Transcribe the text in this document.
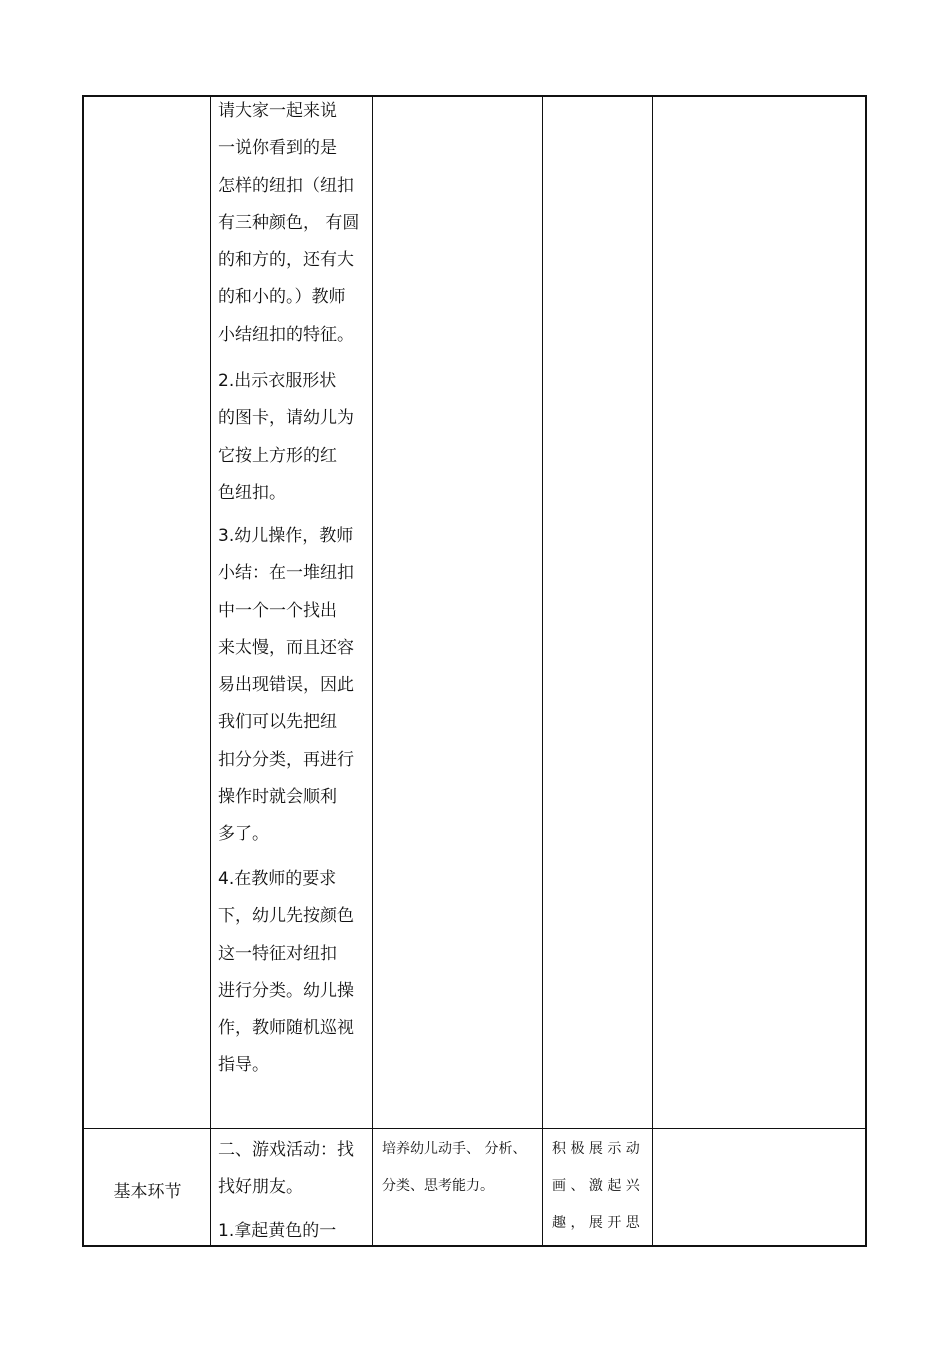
请大家一起来说

一说你看到的是

怎样的纽扣（纽扣

有三种颜色， 有圆

的和方的，还有大

的和小的。）教师

小结纽扣的特征。

2.出示衣服形状

的图卡，请幼儿为

它按上方形的红

色纽扣。

3.幼儿操作，教师

小结：在一堆纽扣

中一个一个找出

来太慢，而且还容

易出现错误，因此

我们可以先把纽

扣分分类，再进行

操作时就会顺利

多了。

4.在教师的要求

下，幼儿先按颜色

这一特征对纽扣

进行分类。幼儿操

作，教师随机巡视

指导。

基本环节

二、游戏活动：找

找好朋友。

1.拿起黄色的一

培养幼儿动手、 分析、
分类、思考能力。
积 极 展 示 动
画 、 激 起 兴
趣 ， 展 开 思
